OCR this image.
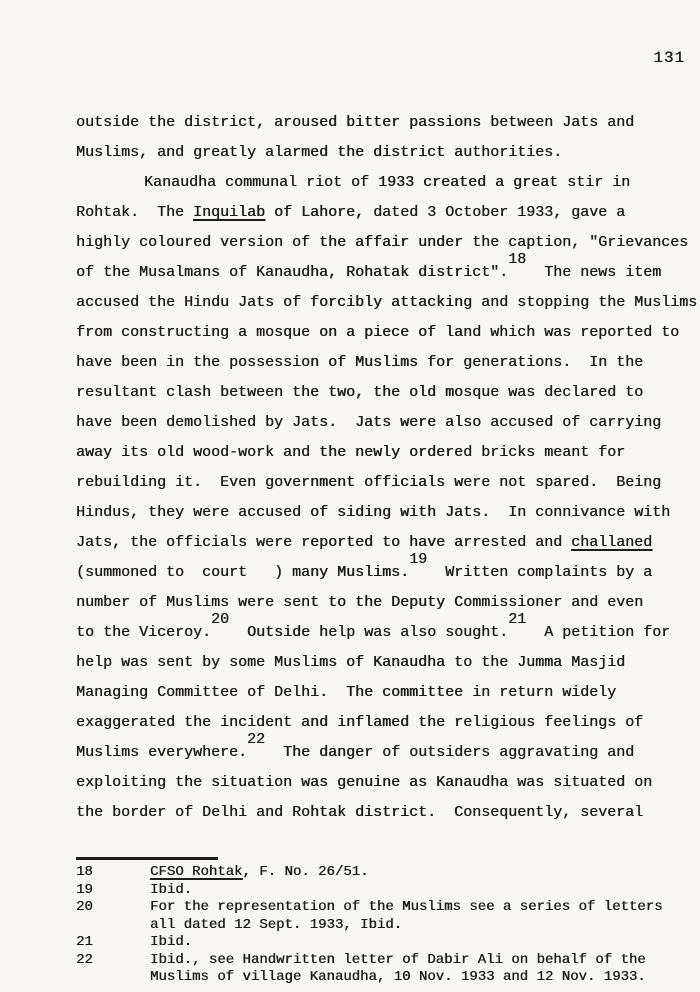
131
outside the district, aroused bitter passions between Jats and
Muslims, and greatly alarmed the district authorities.
Kanaudha communal riot of 1933 created a great stir in
Rohtak.  The Inquilab of Lahore, dated 3 October 1933, gave a
highly coloured version of the affair under the caption, "Grievances
of the Musalmans of Kanaudha, Rohatak district".18  The news item
accused the Hindu Jats of forcibly attacking and stopping the Muslims
from constructing a mosque on a piece of land which was reported to
have been in the possession of Muslims for generations.  In the
resultant clash between the two, the old mosque was declared to
have been demolished by Jats.  Jats were also accused of carrying
away its old wood-work and the newly ordered bricks meant for
rebuilding it.  Even government officials were not spared.  Being
Hindus, they were accused of siding with Jats.  In connivance with
Jats, the officials were reported to have arrested and challaned
(summoned to  court   ) many Muslims.19  Written complaints by a
number of Muslims were sent to the Deputy Commissioner and even
to the Viceroy.20  Outside help was also sought.21  A petition for
help was sent by some Muslims of Kanaudha to the Jumma Masjid
Managing Committee of Delhi.  The committee in return widely
exaggerated the incident and inflamed the religious feelings of
Muslims everywhere.22  The danger of outsiders aggravating and
exploiting the situation was genuine as Kanaudha was situated on
the border of Delhi and Rohtak district.  Consequently, several
18	CFSO Rohtak, F. No. 26/51.
19	Ibid.
20	For the representation of the Muslims see a series of letters
all dated 12 Sept. 1933, Ibid.
21	Ibid.
22	Ibid., see Handwritten letter of Dabir Ali on behalf of the
Muslims of village Kanaudha, 10 Nov. 1933 and 12 Nov. 1933.
